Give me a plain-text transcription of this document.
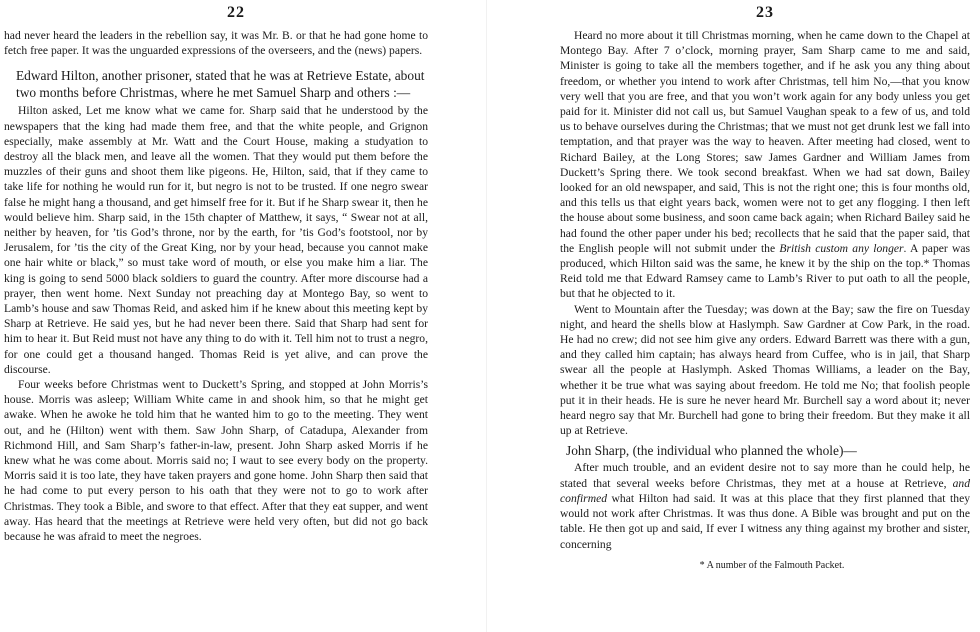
22

had never heard the leaders in the rebellion say, it was Mr. B. or that he had gone home to fetch free paper. It was the unguarded expressions of the overseers, and the (news) papers.

Edward Hilton, another prisoner, stated that he was at Retrieve Estate, about two months before Christmas, where he met Samuel Sharp and others :—

Hilton asked, Let me know what we came for. Sharp said that he understood by the newspapers that the king had made them free, and that the white people, and Grignon especially, make assembly at Mr. Watt and the Court House, making a studyation to destroy all the black men, and leave all the women. That they would put them before the muzzles of their guns and shoot them like pigeons. He, Hilton, said, that if they came to take life for nothing he would run for it, but negro is not to be trusted. If one negro swear false he might hang a thousand, and get himself free for it. But if he Sharp swear it, then he would believe him. Sharp said, in the 15th chapter of Matthew, it says, “ Swear not at all, neither by heaven, for ’tis God’s throne, nor by the earth, for ’tis God’s footstool, nor by Jerusalem, for ’tis the city of the Great King, nor by your head, because you cannot make one hair white or black,” so must take word of mouth, or else you make him a liar. The king is going to send 5000 black soldiers to guard the country. After more discourse had a prayer, then went home. Next Sunday not preaching day at Montego Bay, so went to Lamb’s house and saw Thomas Reid, and asked him if he knew about this meeting kept by Sharp at Retrieve. He said yes, but he had never been there. Said that Sharp had sent for him to hear it. But Reid must not have any thing to do with it. Tell him not to trust a negro, for one could get a thousand hanged. Thomas Reid is yet alive, and can prove the discourse.

Four weeks before Christmas went to Duckett’s Spring, and stopped at John Morris’s house. Morris was asleep; William White came in and shook him, so that he might get awake. When he awoke he told him that he wanted him to go to the meeting. They went out, and he (Hilton) went with them. Saw John Sharp, of Catadupa, Alexander from Richmond Hill, and Sam Sharp’s father-in-law, present. John Sharp asked Morris if he knew what he was come about. Morris said no; I waut to see every body on the property. Morris said it is too late, they have taken prayers and gone home. John Sharp then said that he had come to put every person to his oath that they were not to go to work after Christmas. They took a Bible, and swore to that effect. After that they eat supper, and went away. Has heard that the meetings at Retrieve were held very often, but did not go back because he was afraid to meet the negroes.

23

Heard no more about it till Christmas morning, when he came down to the Chapel at Montego Bay. After 7 o’clock, morning prayer, Sam Sharp came to me and said, Minister is going to take all the members together, and if he ask you any thing about freedom, or whether you intend to work after Christmas, tell him No,—that you know very well that you are free, and that you won’t work again for any body unless you get paid for it. Minister did not call us, but Samuel Vaughan speak to a few of us, and told us to behave ourselves during the Christmas; that we must not get drunk lest we fall into temptation, and that prayer was the way to heaven. After meeting had closed, went to Richard Bailey, at the Long Stores; saw James Gardner and William James from Duckett’s Spring there. We took second breakfast. When we had sat down, Bailey looked for an old newspaper, and said, This is not the right one; this is four months old, and this tells us that eight years back, women were not to get any flogging. I then left the house about some business, and soon came back again; when Richard Bailey said he had found the other paper under his bed; recollects that he said that the paper said, that the English people will not submit under the British custom any longer. A paper was produced, which Hilton said was the same, he knew it by the ship on the top.* Thomas Reid told me that Edward Ramsey came to Lamb’s River to put oath to all the people, but that he objected to it.

Went to Mountain after the Tuesday; was down at the Bay; saw the fire on Tuesday night, and heard the shells blow at Haslymph. Saw Gardner at Cow Park, in the road. He had no crew; did not see him give any orders. Edward Barrett was there with a gun, and they called him captain; has always heard from Cuffee, who is in jail, that Sharp swear all the people at Haslymph. Asked Thomas Williams, a leader on the Bay, whether it be true what was saying about freedom. He told me No; that foolish people put it in their heads. He is sure he never heard Mr. Burchell say a word about it; never heard negro say that Mr. Burchell had gone to bring their freedom. But they make it all up at Retrieve.

John Sharp, (the individual who planned the whole)—

After much trouble, and an evident desire not to say more than he could help, he stated that several weeks before Christmas, they met at a house at Retrieve, and confirmed what Hilton had said. It was at this place that they first planned that they would not work after Christmas. It was thus done. A Bible was brought and put on the table. He then got up and said, If ever I witness any thing against my brother and sister, concerning

* A number of the Falmouth Packet.
